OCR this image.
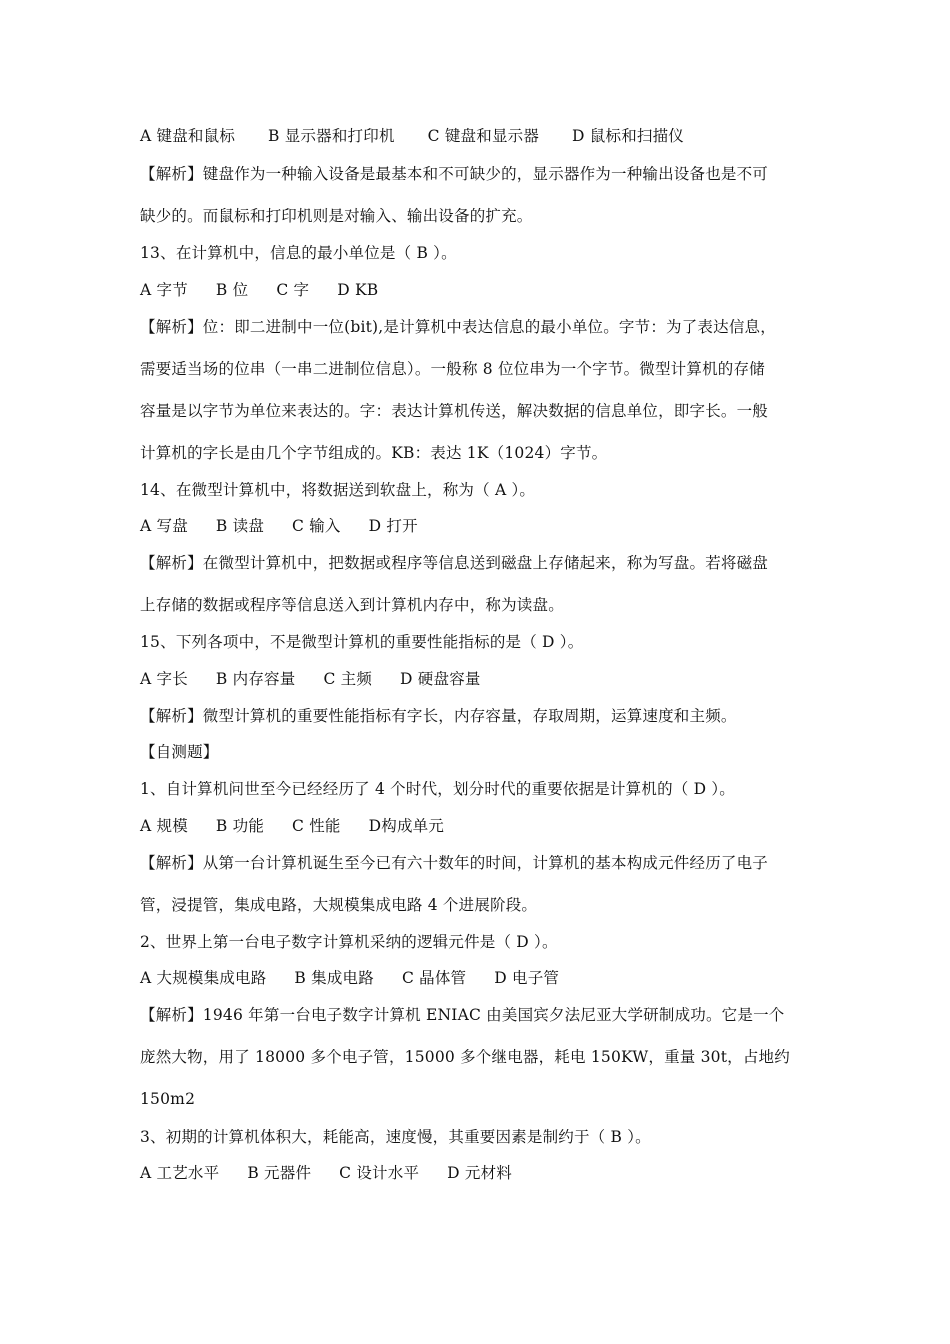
A 键盘和鼠标 B 显示器和打印机 C 键盘和显示器 D 鼠标和扫描仪
【解析】键盘作为一种输入设备是最基本和不可缺少的，显示器作为一种输出设备也是不可
缺少的。而鼠标和打印机则是对输入、输出设备的扩充。
13、在计算机中，信息的最小单位是（ B ）。
A 字节 B 位 C 字 D KB
【解析】位：即二进制中一位(bit),是计算机中表达信息的最小单位。字节：为了表达信息，
需要适当场的位串（一串二进制位信息）。一般称 8 位位串为一个字节。微型计算机的存储
容量是以字节为单位来表达的。字：表达计算机传送，解决数据的信息单位，即字长。一般
计算机的字长是由几个字节组成的。KB：表达 1K（1024）字节。
14、在微型计算机中，将数据送到软盘上，称为（ A ）。
A 写盘 B 读盘 C 输入 D 打开
【解析】在微型计算机中，把数据或程序等信息送到磁盘上存储起来，称为写盘。若将磁盘
上存储的数据或程序等信息送入到计算机内存中，称为读盘。
15、下列各项中，不是微型计算机的重要性能指标的是（ D ）。
A 字长 B 内存容量 C 主频 D 硬盘容量
【解析】微型计算机的重要性能指标有字长，内存容量，存取周期，运算速度和主频。
【自测题】
1、自计算机问世至今已经经历了 4 个时代，划分时代的重要依据是计算机的（ D ）。
A 规模 B 功能 C 性能 D构成单元
【解析】从第一台计算机诞生至今已有六十数年的时间，计算机的基本构成元件经历了电子
管，浸提管，集成电路，大规模集成电路 4 个进展阶段。
2、世界上第一台电子数字计算机采纳的逻辑元件是（ D ）。
A 大规模集成电路 B 集成电路 C 晶体管 D 电子管
【解析】1946 年第一台电子数字计算机 ENIAC 由美国宾夕法尼亚大学研制成功。它是一个
庞然大物，用了 18000 多个电子管，15000 多个继电器，耗电 150KW，重量 30t，占地约
150m2
3、初期的计算机体积大，耗能高，速度慢，其重要因素是制约于（ B ）。
A 工艺水平 B 元器件 C 设计水平 D 元材料
